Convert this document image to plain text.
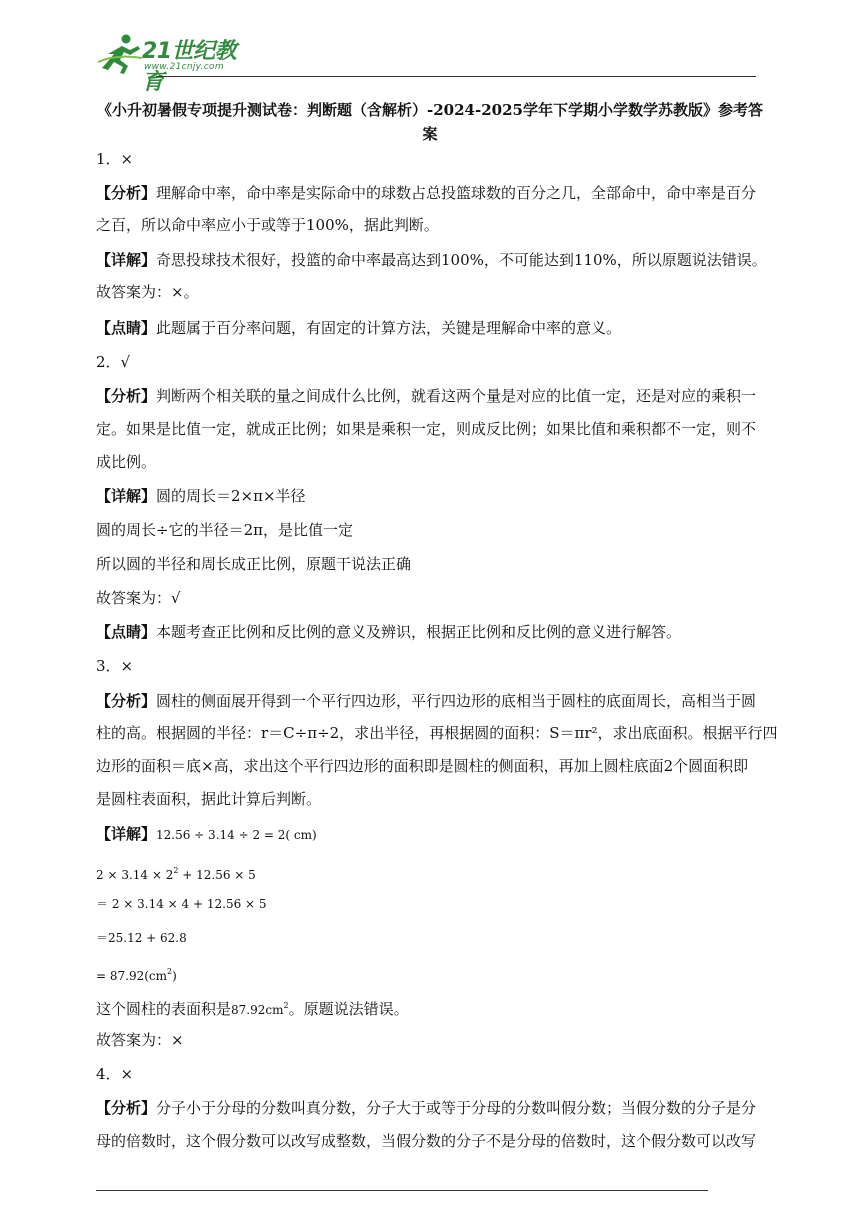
21世纪教育
www.21cnjy.com
《小升初暑假专项提升测试卷：判断题（含解析）-2024-2025学年下学期小学数学苏教版》参考答案
1．×
【分析】理解命中率，命中率是实际命中的球数占总投篮球数的百分之几，全部命中，命中率是百分
之百，所以命中率应小于或等于100%，据此判断。
【详解】奇思投球技术很好，投篮的命中率最高达到100%，不可能达到110%，所以原题说法错误。
故答案为：×。
【点睛】此题属于百分率问题，有固定的计算方法，关键是理解命中率的意义。
2．√
【分析】判断两个相关联的量之间成什么比例，就看这两个量是对应的比值一定，还是对应的乘积一
定。如果是比值一定，就成正比例；如果是乘积一定，则成反比例；如果比值和乘积都不一定，则不
成比例。
【详解】圆的周长＝2×π×半径
圆的周长÷它的半径＝2π，是比值一定
所以圆的半径和周长成正比例，原题干说法正确
故答案为：√
【点睛】本题考查正比例和反比例的意义及辨识，根据正比例和反比例的意义进行解答。
3．×
【分析】圆柱的侧面展开得到一个平行四边形，平行四边形的底相当于圆柱的底面周长，高相当于圆
柱的高。根据圆的半径：r＝C÷π÷2，求出半径，再根据圆的面积：S＝πr²，求出底面积。根据平行四
边形的面积＝底×高，求出这个平行四边形的面积即是圆柱的侧面积，再加上圆柱底面2个圆面积即
是圆柱表面积，据此计算后判断。
【详解】12.56 ÷ 3.14 ÷ 2 = 2( cm)
$2 \times 3.14 \times 2^2 + 12.56 \times 5$
＝ 2 × 3.14 × 4 + 12.56 × 5
＝25.12 + 62.8
= $87.92(cm^2)$
这个圆柱的表面积是$87.92cm^2$。原题说法错误。
故答案为：×
4．×
【分析】分子小于分母的分数叫真分数，分子大于或等于分母的分数叫假分数；当假分数的分子是分
母的倍数时，这个假分数可以改写成整数，当假分数的分子不是分母的倍数时，这个假分数可以改写
